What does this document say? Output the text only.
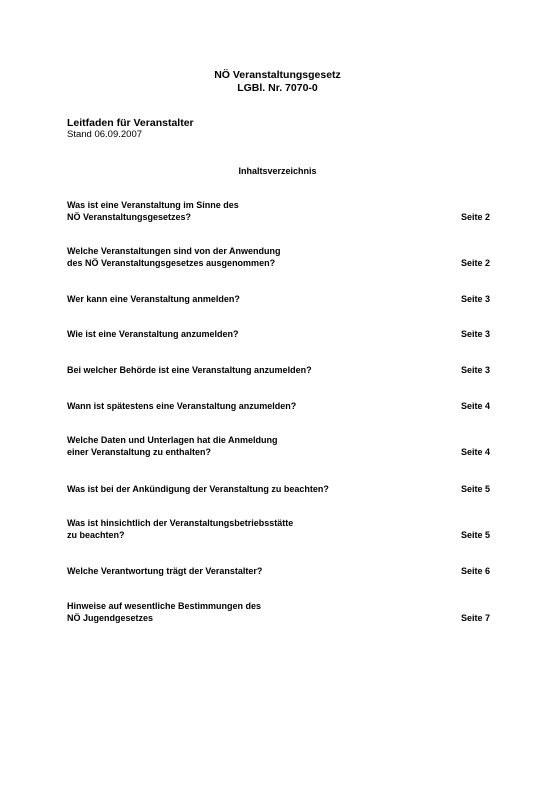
NÖ Veranstaltungsgesetz
LGBl. Nr. 7070-0
Leitfaden für Veranstalter
Stand 06.09.2007
Inhaltsverzeichnis
Was ist eine Veranstaltung im Sinne des
NÖ Veranstaltungsgesetzes?	Seite 2
Welche Veranstaltungen sind von der Anwendung
des NÖ Veranstaltungsgesetzes ausgenommen?	Seite 2
Wer kann eine Veranstaltung anmelden?	Seite 3
Wie ist eine Veranstaltung anzumelden?	Seite 3
Bei welcher Behörde ist eine Veranstaltung anzumelden?	Seite 3
Wann ist spätestens eine Veranstaltung anzumelden?	Seite 4
Welche Daten und Unterlagen hat die Anmeldung
einer Veranstaltung zu enthalten?	Seite 4
Was ist bei der Ankündigung der Veranstaltung zu beachten?	Seite 5
Was ist hinsichtlich der Veranstaltungsbetriebsstätte
zu beachten?	Seite 5
Welche Verantwortung trägt der Veranstalter?	Seite 6
Hinweise auf wesentliche Bestimmungen des
NÖ Jugendgesetzes	Seite 7
